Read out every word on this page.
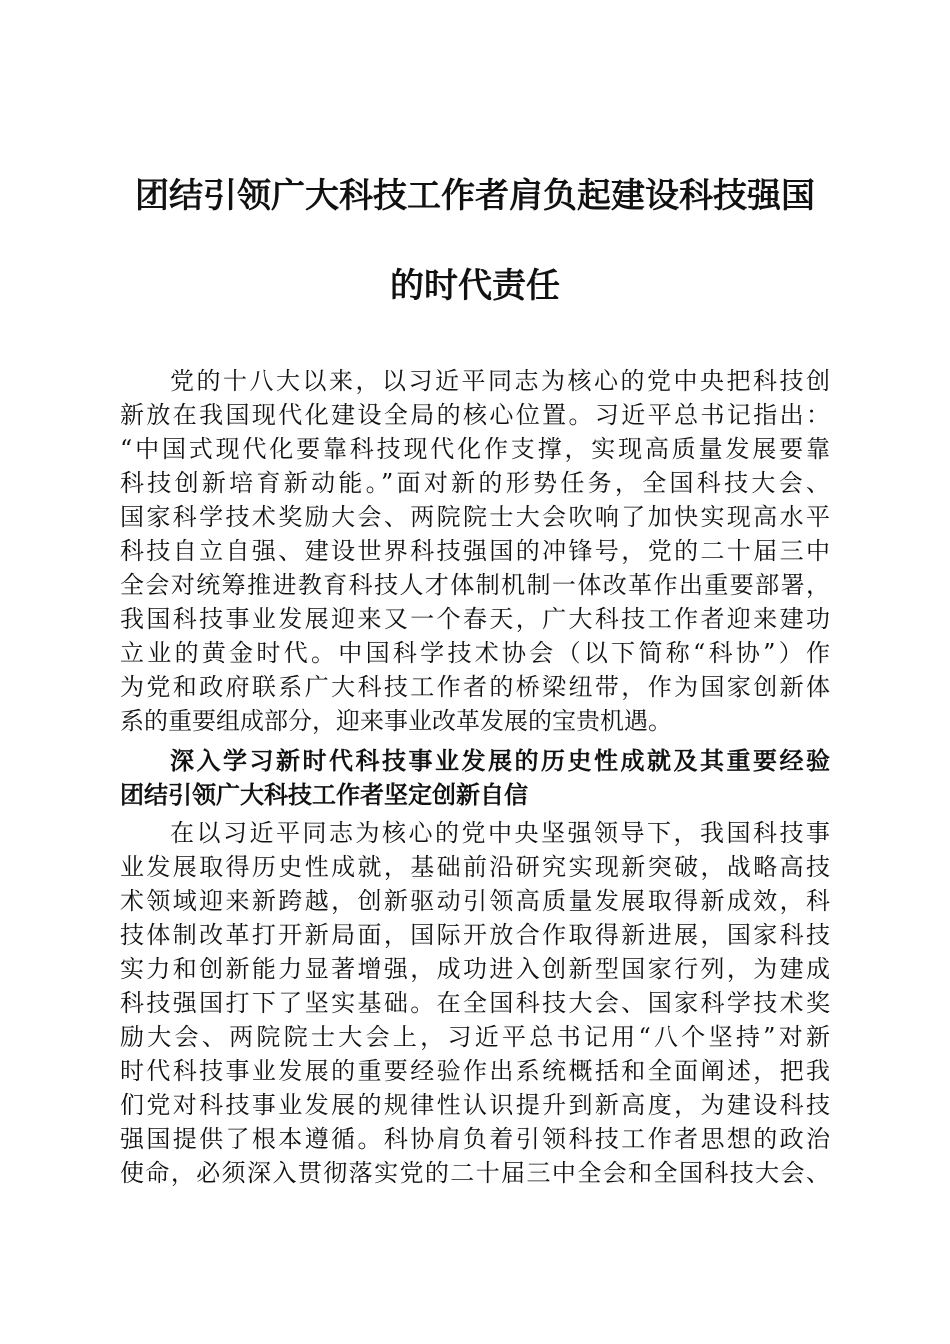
团结引领广大科技工作者肩负起建设科技强国
的时代责任
党的十八大以来，以习近平同志为核心的党中央把科技创
新放在我国现代化建设全局的核心位置。习近平总书记指出：
“中国式现代化要靠科技现代化作支撑，实现高质量发展要靠
科技创新培育新动能。”面对新的形势任务，全国科技大会、
国家科学技术奖励大会、两院院士大会吹响了加快实现高水平
科技自立自强、建设世界科技强国的冲锋号，党的二十届三中
全会对统筹推进教育科技人才体制机制一体改革作出重要部署，
我国科技事业发展迎来又一个春天，广大科技工作者迎来建功
立业的黄金时代。中国科学技术协会（以下简称“科协”）作
为党和政府联系广大科技工作者的桥梁纽带，作为国家创新体
系的重要组成部分，迎来事业改革发展的宝贵机遇。
深入学习新时代科技事业发展的历史性成就及其重要经验
团结引领广大科技工作者坚定创新自信
在以习近平同志为核心的党中央坚强领导下，我国科技事
业发展取得历史性成就，基础前沿研究实现新突破，战略高技
术领域迎来新跨越，创新驱动引领高质量发展取得新成效，科
技体制改革打开新局面，国际开放合作取得新进展，国家科技
实力和创新能力显著增强，成功进入创新型国家行列，为建成
科技强国打下了坚实基础。在全国科技大会、国家科学技术奖
励大会、两院院士大会上，习近平总书记用“八个坚持”对新
时代科技事业发展的重要经验作出系统概括和全面阐述，把我
们党对科技事业发展的规律性认识提升到新高度，为建设科技
强国提供了根本遵循。科协肩负着引领科技工作者思想的政治
使命，必须深入贯彻落实党的二十届三中全会和全国科技大会、
